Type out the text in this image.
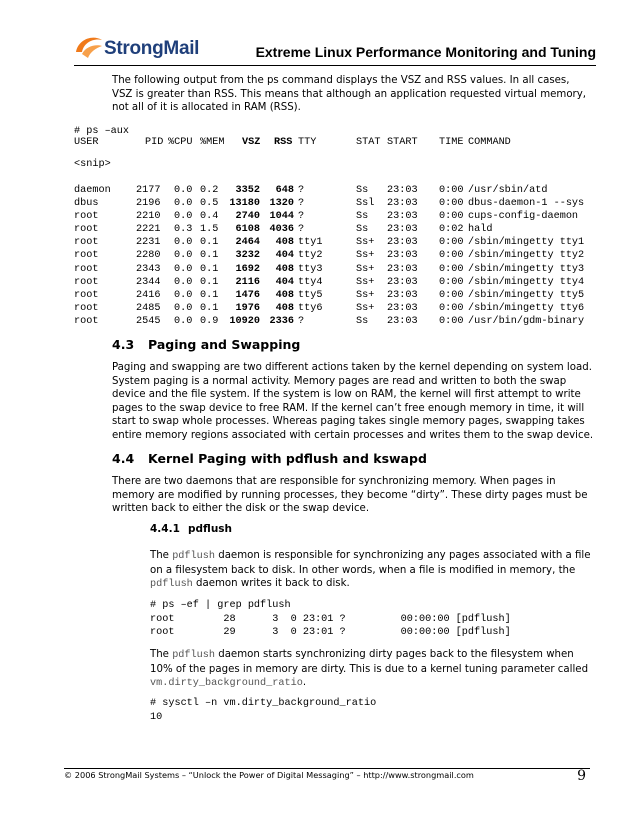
StrongMail	Extreme Linux Performance Monitoring and Tuning
The following output from the ps command displays the VSZ and RSS values. In all cases, VSZ is greater than RSS. This means that although an application requested virtual memory, not all of it is allocated in RAM (RSS).
# ps –aux
USER	PID %CPU %MEM VSZ RSS TTY	STAT START TIME COMMAND
<snip>
daemon 2177 0.0 0.2 3352 648 ?	Ss 23:03 0:00 /usr/sbin/atd
dbus	2196 0.0 0.5 13180 1320 ?	Ssl 23:03 0:00 dbus-daemon-1 --sys
root	2210 0.0 0.4 2740 1044 ?	Ss 23:03 0:00 cups-config-daemon
root	2221 0.3 1.5 6108 4036 ?	Ss 23:03 0:02 hald
root	2231 0.0 0.1 2464 408 tty1	Ss+ 23:03 0:00 /sbin/mingetty tty1
root	2280 0.0 0.1 3232 404 tty2	Ss+ 23:03 0:00 /sbin/mingetty tty2
root	2343 0.0 0.1 1692 408 tty3	Ss+ 23:03 0:00 /sbin/mingetty tty3
root	2344 0.0 0.1 2116 404 tty4	Ss+ 23:03 0:00 /sbin/mingetty tty4
root	2416 0.0 0.1 1476 408 tty5	Ss+ 23:03 0:00 /sbin/mingetty tty5
root	2485 0.0 0.1 1976 408 tty6	Ss+ 23:03 0:00 /sbin/mingetty tty6
root	2545 0.0 0.9 10920 2336 ?	Ss 23:03 0:00 /usr/bin/gdm-binary
4.3 Paging and Swapping
Paging and swapping are two different actions taken by the kernel depending on system load. System paging is a normal activity. Memory pages are read and written to both the swap device and the file system. If the system is low on RAM, the kernel will first attempt to write pages to the swap device to free RAM. If the kernel can’t free enough memory in time, it will start to swap whole processes. Whereas paging takes single memory pages, swapping takes entire memory regions associated with certain processes and writes them to the swap device.
4.4 Kernel Paging with pdflush and kswapd
There are two daemons that are responsible for synchronizing memory. When pages in memory are modified by running processes, they become “dirty”. These dirty pages must be written back to either the disk or the swap device.
4.4.1 pdflush
The pdflush daemon is responsible for synchronizing any pages associated with a file on a filesystem back to disk. In other words, when a file is modified in memory, the pdflush daemon writes it back to disk.
# ps –ef | grep pdflush
root        28      3  0 23:01 ?         00:00:00 [pdflush]
root        29      3  0 23:01 ?         00:00:00 [pdflush]
The pdflush daemon starts synchronizing dirty pages back to the filesystem when 10% of the pages in memory are dirty. This is due to a kernel tuning parameter called vm.dirty_background_ratio.
# sysctl –n vm.dirty_background_ratio
10
© 2006 StrongMail Systems – “Unlock the Power of Digital Messaging” – http://www.strongmail.com	9
